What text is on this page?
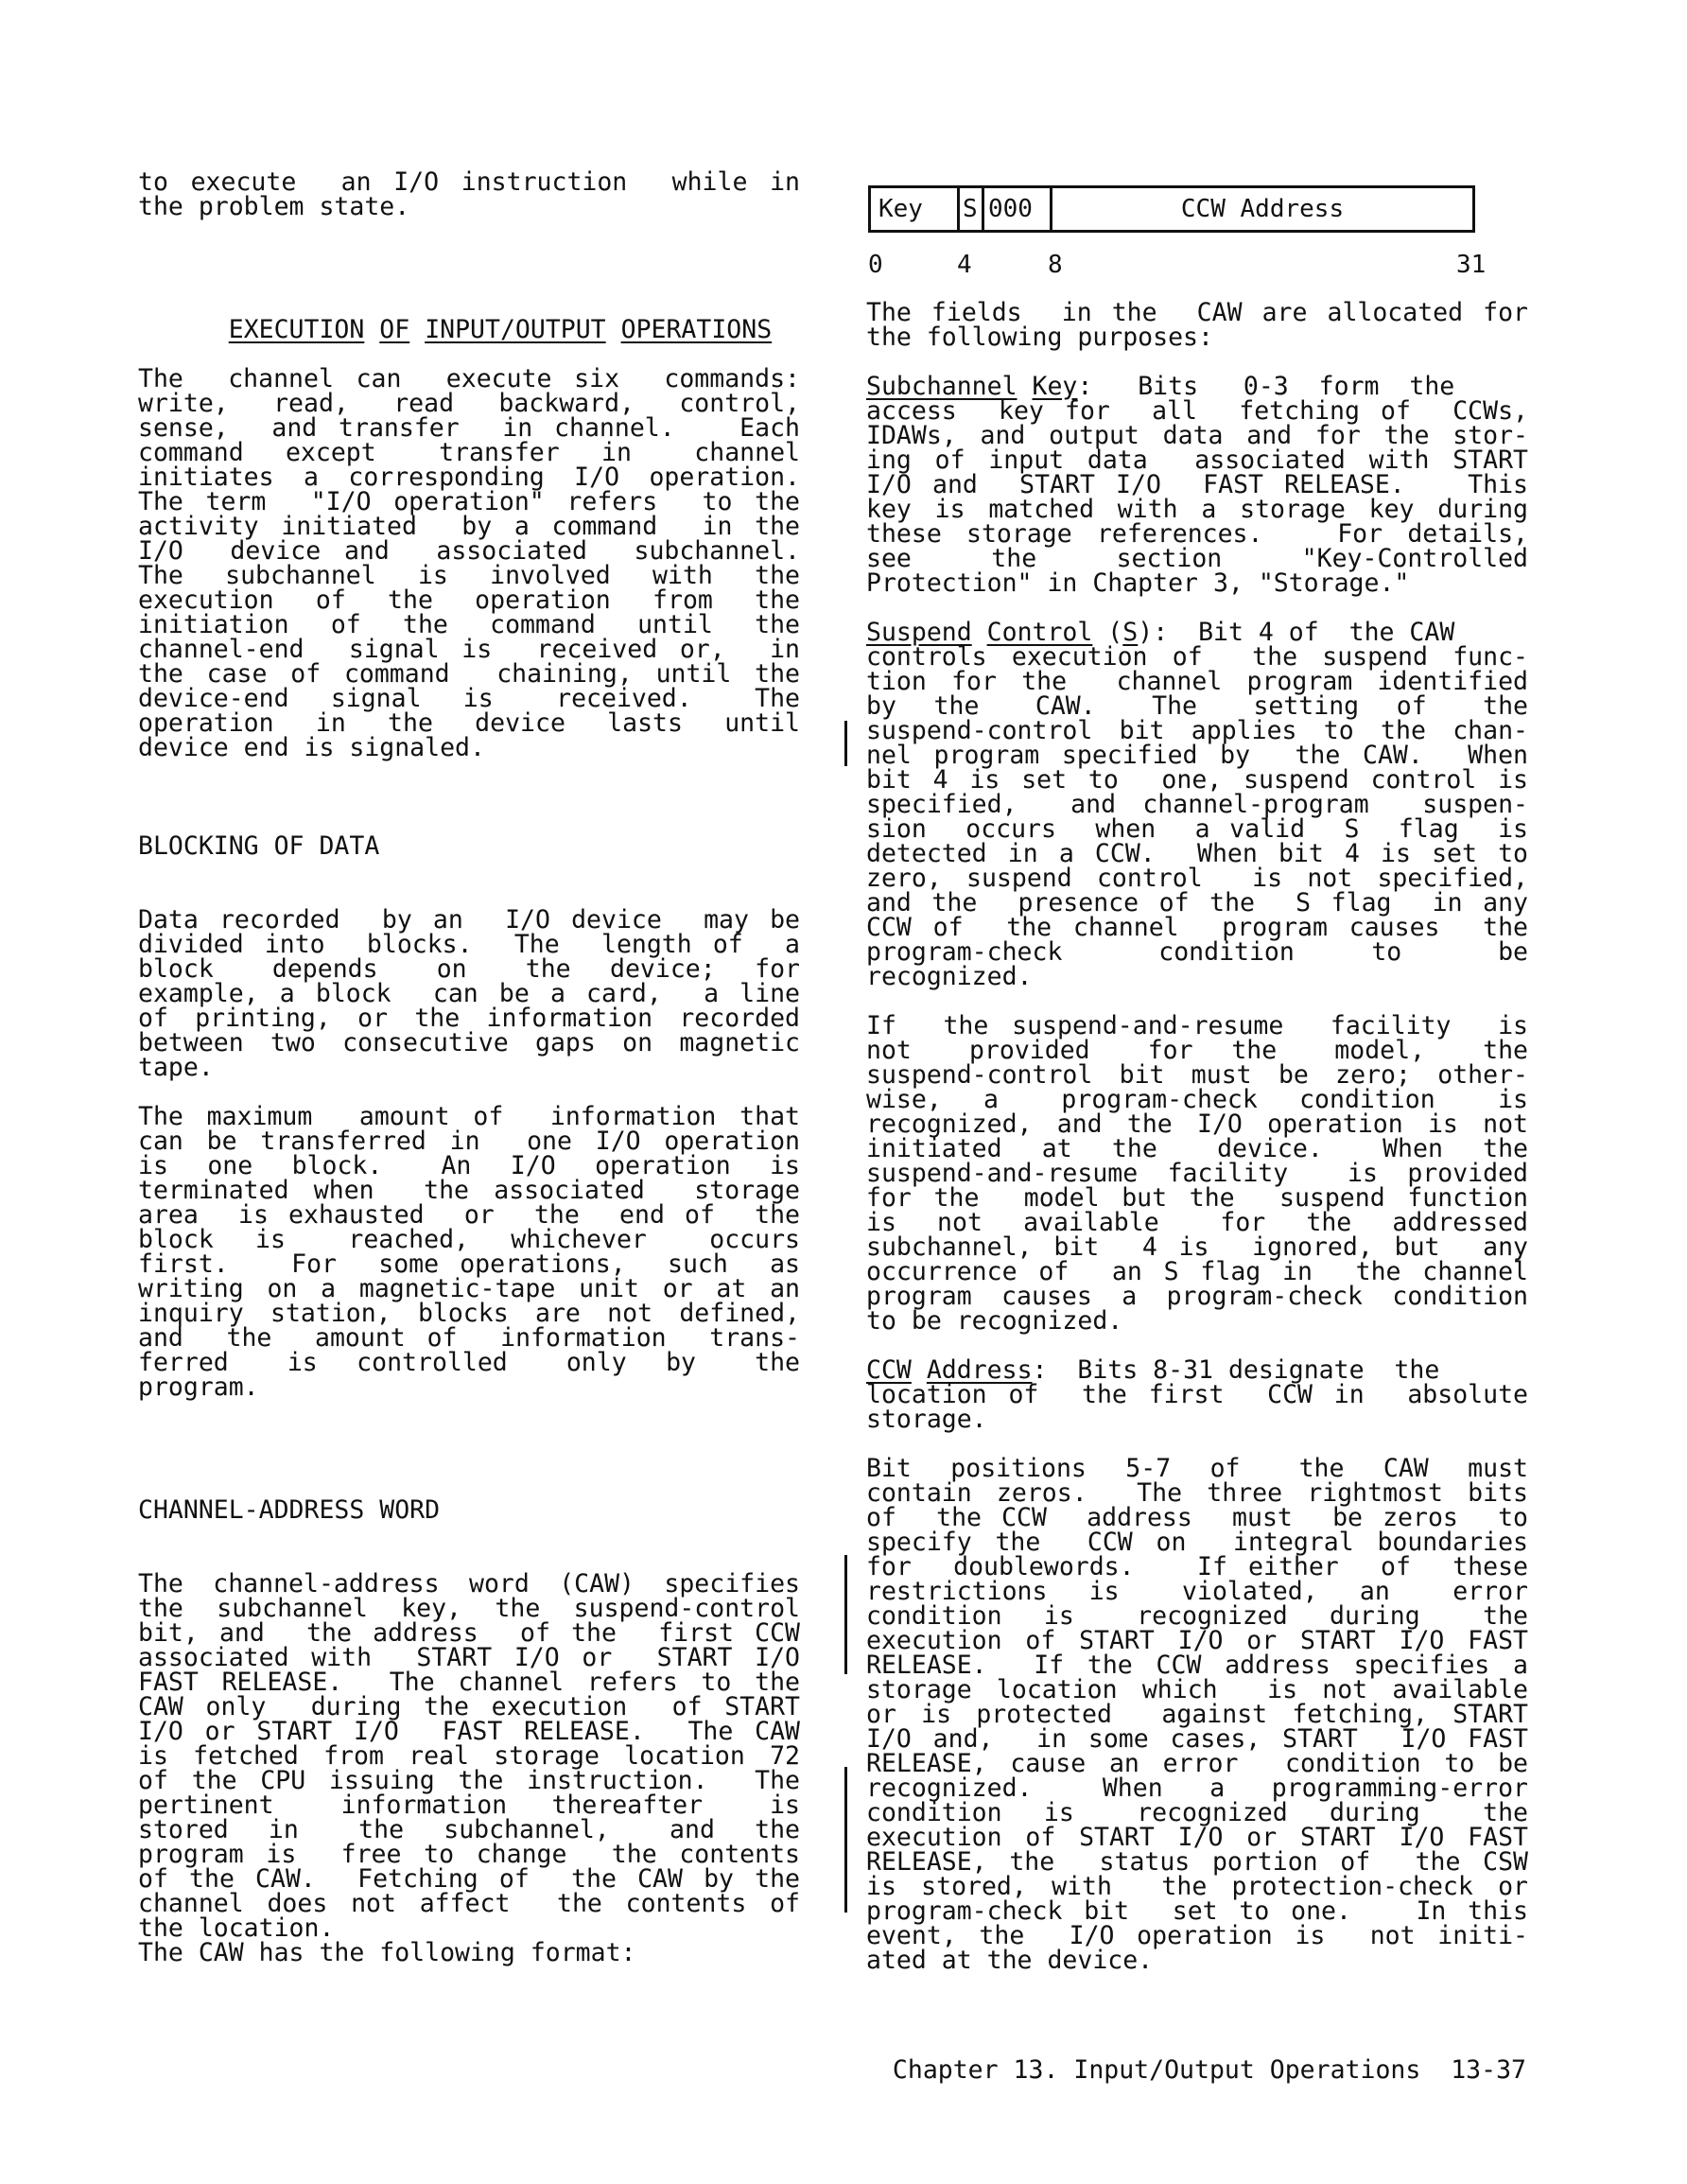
to execute  an I/O instruction  while in
the problem state.

EXECUTION OF INPUT/OUTPUT OPERATIONS

The  channel can  execute six  commands:
write,  read,  read  backward,  control,
sense,  and transfer  in channel.   Each
command  except   transfer  in   channel
initiates a corresponding I/O operation.
The term  "I/O operation" refers  to the
activity initiated  by a command  in the
I/O  device and  associated  subchannel.
The  subchannel  is  involved  with  the
execution  of  the  operation  from  the
initiation  of  the  command  until  the
channel-end  signal is  received or,  in
the case of command  chaining, until the
device-end  signal  is   received.   The
operation  in  the  device  lasts  until
device end is signaled.
BLOCKING OF DATA
Data recorded  by an  I/O device  may be
divided into  blocks.  The  length of  a
block   depends   on   the  device;  for
example, a block  can be a card,  a line
of printing, or the information recorded
between two consecutive gaps on magnetic
tape.
The maximum  amount of  information that
can be transferred in  one I/O operation
is  one  block.   An  I/O  operation  is
terminated when  the associated  storage
area  is exhausted  or  the  end of  the
block  is   reached,  whichever   occurs
first.   For  some operations,  such  as
writing on a magnetic-tape unit or at an
inquiry station, blocks are not defined,
and  the  amount of  information  trans-
ferred   is  controlled   only  by   the
program.
CHANNEL-ADDRESS WORD
The channel-address word (CAW) specifies
the subchannel key, the suspend-control
bit, and  the address  of the  first CCW
associated with  START I/O or  START I/O
FAST RELEASE.  The channel refers to the
CAW only  during the execution  of START
I/O or START I/O  FAST RELEASE.  The CAW
is fetched from real storage location 72
of the CPU issuing the instruction.  The
pertinent   information  thereafter   is
stored  in   the  subchannel,   and  the
program is  free to change  the contents
of the CAW.  Fetching of  the CAW by the
channel does not affect  the contents of
the location.
The CAW has the following format:
Key	S 000	CCW Address
0	4	8	31
The fields  in the  CAW are allocated for
the following purposes:
Subchannel Key:   Bits   0-3  form  the
access  key for  all  fetching of  CCWs,
IDAWs, and output data and for the stor-
ing of input data  associated with START
I/O and  START I/O  FAST RELEASE.   This
key is matched with a storage key during
these storage references.   For details,
see    the    section    "Key-Controlled
Protection" in Chapter 3, "Storage."
Suspend Control (S):  Bit 4 of  the CAW
controls execution of  the suspend func-
tion for the  channel program identified
by  the   CAW.   The   setting  of   the
suspend-control bit applies to the chan-
nel program specified by  the CAW.  When
bit 4 is set to  one, suspend control is
specified,  and channel-program  suspen-
sion  occurs  when  a valid  S  flag  is
detected in a CCW.  When bit 4 is set to
zero, suspend control  is not specified,
and the  presence of the  S flag  in any
CCW of  the channel  program causes  the
program-check     condition    to     be
recognized.
If  the suspend-and-resume  facility  is
not   provided   for  the   model,   the
suspend-control bit must be zero; other-
wise,  a   program-check  condition   is
recognized, and the I/O operation is not
initiated  at  the   device.   When  the
suspend-and-resume facility  is provided
for the  model but the  suspend function
is  not  available   for  the  addressed
subchannel, bit  4 is  ignored, but  any
occurrence of  an S flag in  the channel
program causes a program-check condition
to be recognized.
CCW Address:  Bits 8-31 designate  the
location of  the first  CCW in  absolute
storage.
Bit  positions  5-7  of   the  CAW  must
contain zeros.  The three rightmost bits
of  the CCW  address  must  be zeros  to
specify the  CCW on  integral boundaries
for  doublewords.   If either  of  these
restrictions  is   violated,  an   error
condition  is   recognized  during   the
execution of START I/O or START I/O FAST
RELEASE.  If the CCW address specifies a
storage location which  is not available
or is protected  against fetching, START
I/O and,  in some cases, START  I/O FAST
RELEASE, cause an error  condition to be
recognized.   When  a  programming-error
condition  is   recognized  during   the
execution of START I/O or START I/O FAST
RELEASE, the  status portion of  the CSW
is stored, with  the protection-check or
program-check bit  set to one.   In this
event, the  I/O operation is  not initi-
ated at the device.
Chapter 13. Input/Output Operations  13-37
